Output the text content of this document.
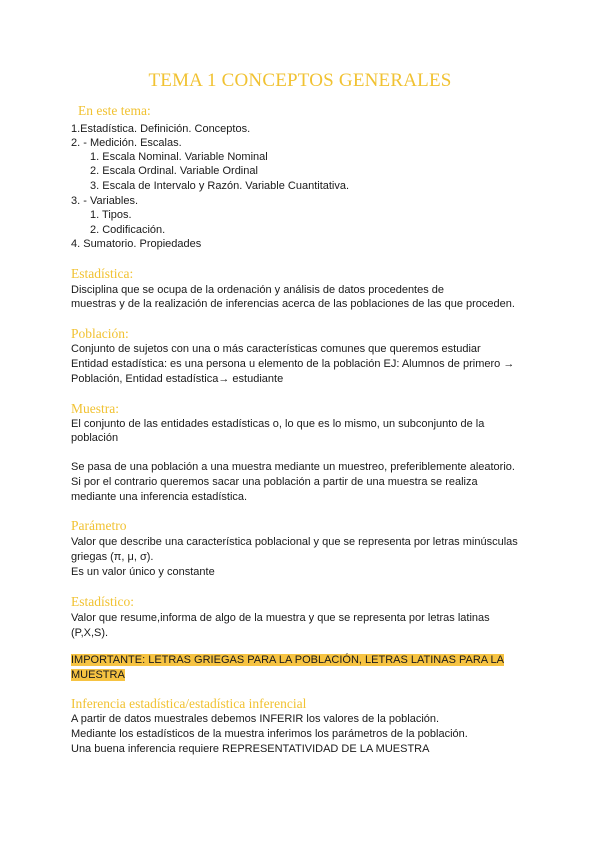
TEMA 1 CONCEPTOS GENERALES
En este tema:
1.Estadística. Definición. Conceptos.
2. - Medición. Escalas.
1. Escala Nominal. Variable Nominal
2. Escala Ordinal. Variable Ordinal
3. Escala de Intervalo y Razón. Variable Cuantitativa.
3. - Variables.
1. Tipos.
2. Codificación.
4. Sumatorio. Propiedades
Estadística:
Disciplina que se ocupa de la ordenación y análisis de datos procedentes de
muestras y de la realización de inferencias acerca de las poblaciones de las que proceden.
Población:
Conjunto de sujetos con una o más características comunes que queremos estudiar
Entidad estadística: es una persona u elemento de la población EJ: Alumnos de primero →
Población, Entidad estadística→ estudiante
Muestra:
El conjunto de las entidades estadísticas o, lo que es lo mismo, un subconjunto de la
población
Se pasa de una población a una muestra mediante un muestreo, preferiblemente aleatorio.
Si por el contrario queremos sacar una población a partir de una muestra se realiza
mediante una inferencia estadística.
Parámetro
Valor que describe una característica poblacional y que se representa por letras minúsculas
griegas (π, μ, σ).
Es un valor único y constante
Estadístico:
Valor que resume,informa de algo de la muestra y que se representa por letras latinas
(P,X,S).
IMPORTANTE: LETRAS GRIEGAS PARA LA POBLACIÓN, LETRAS LATINAS PARA LA
MUESTRA
Inferencia estadística/estadística inferencial
A partir de datos muestrales debemos INFERIR los valores de la población.
Mediante los estadísticos de la muestra inferimos los parámetros de la población.
Una buena inferencia requiere REPRESENTATIVIDAD DE LA MUESTRA
